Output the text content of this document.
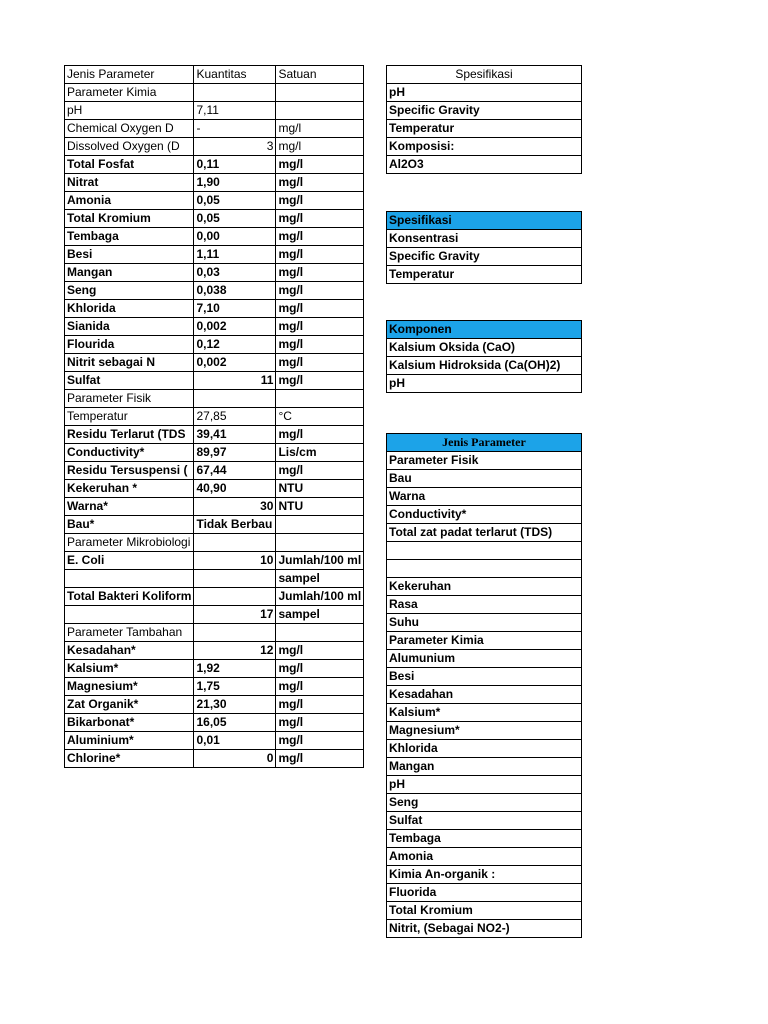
Jenis Parameter	Kuantitas	Satuan
Parameter Kimia		
pH	7,11	
Chemical Oxygen D	-	mg/l
Dissolved Oxygen (D	3	mg/l
Total Fosfat	0,11	mg/l
Nitrat	1,90	mg/l
Amonia	0,05	mg/l
Total Kromium	0,05	mg/l
Tembaga	0,00	mg/l
Besi	1,11	mg/l
Mangan	0,03	mg/l
Seng	0,038	mg/l
Khlorida	7,10	mg/l
Sianida	0,002	mg/l
Flourida	0,12	mg/l
Nitrit sebagai N	0,002	mg/l
Sulfat	11	mg/l
Parameter Fisik		
Temperatur	27,85	°C
Residu Terlarut (TDS	39,41	mg/l
Conductivity*	89,97	Lis/cm
Residu Tersuspensi (	67,44	mg/l
Kekeruhan *	40,90	NTU
Warna*	30	NTU
Bau*	Tidak Berbau	
Parameter Mikrobiologi		
E. Coli	10	Jumlah/100 ml
		sampel
Total Bakteri Koliform		Jumlah/100 ml
	17	sampel
Parameter Tambahan		
Kesadahan*	12	mg/l
Kalsium*	1,92	mg/l
Magnesium*	1,75	mg/l
Zat Organik*	21,30	mg/l
Bikarbonat*	16,05	mg/l
Aluminium*	0,01	mg/l
Chlorine*	0	mg/l
Spesifikasi
pH
Specific Gravity
Temperatur
Komposisi:
Al2O3
Spesifikasi
Konsentrasi
Specific Gravity
Temperatur
Komponen
Kalsium Oksida (CaO)
Kalsium Hidroksida (Ca(OH)2)
pH
Jenis Parameter
Parameter Fisik
Bau
Warna
Conductivity*
Total zat padat terlarut (TDS)

Kekeruhan
Rasa
Suhu
Parameter Kimia
Alumunium
Besi
Kesadahan
Kalsium*
Magnesium*
Khlorida
Mangan
pH
Seng
Sulfat
Tembaga
Amonia
Kimia An-organik :
Fluorida
Total Kromium
Nitrit, (Sebagai NO2-)
